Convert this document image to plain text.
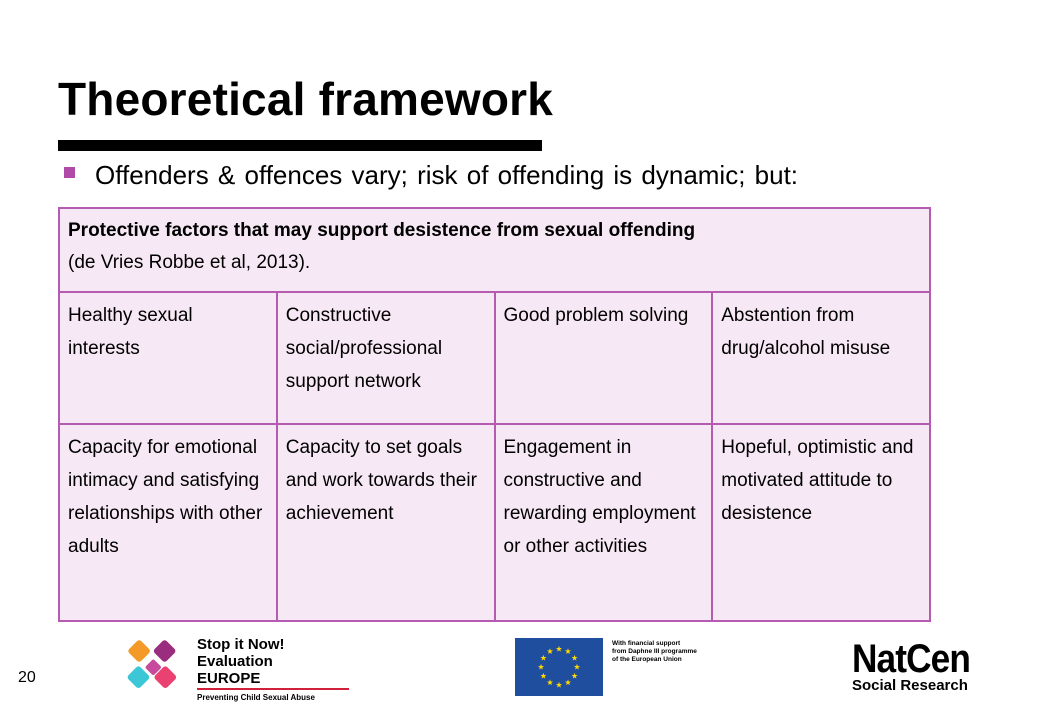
Theoretical framework
Offenders & offences vary; risk of offending is dynamic; but:
Protective factors that may support desistence from sexual offending
(de Vries Robbe et al, 2013).			

Healthy sexual interests	Constructive social/professional support network	Good problem solving	Abstention from drug/alcohol misuse
Capacity for emotional intimacy and satisfying relationships with other adults	Capacity to set goals and work towards their achievement	Engagement in constructive and rewarding employment or other activities	Hopeful, optimistic and motivated attitude to desistence
20
Stop it Now! Evaluation
EUROPE
Preventing Child Sexual Abuse
With financial support
from Daphne III programme
of the European Union	NatCen
Social Research
